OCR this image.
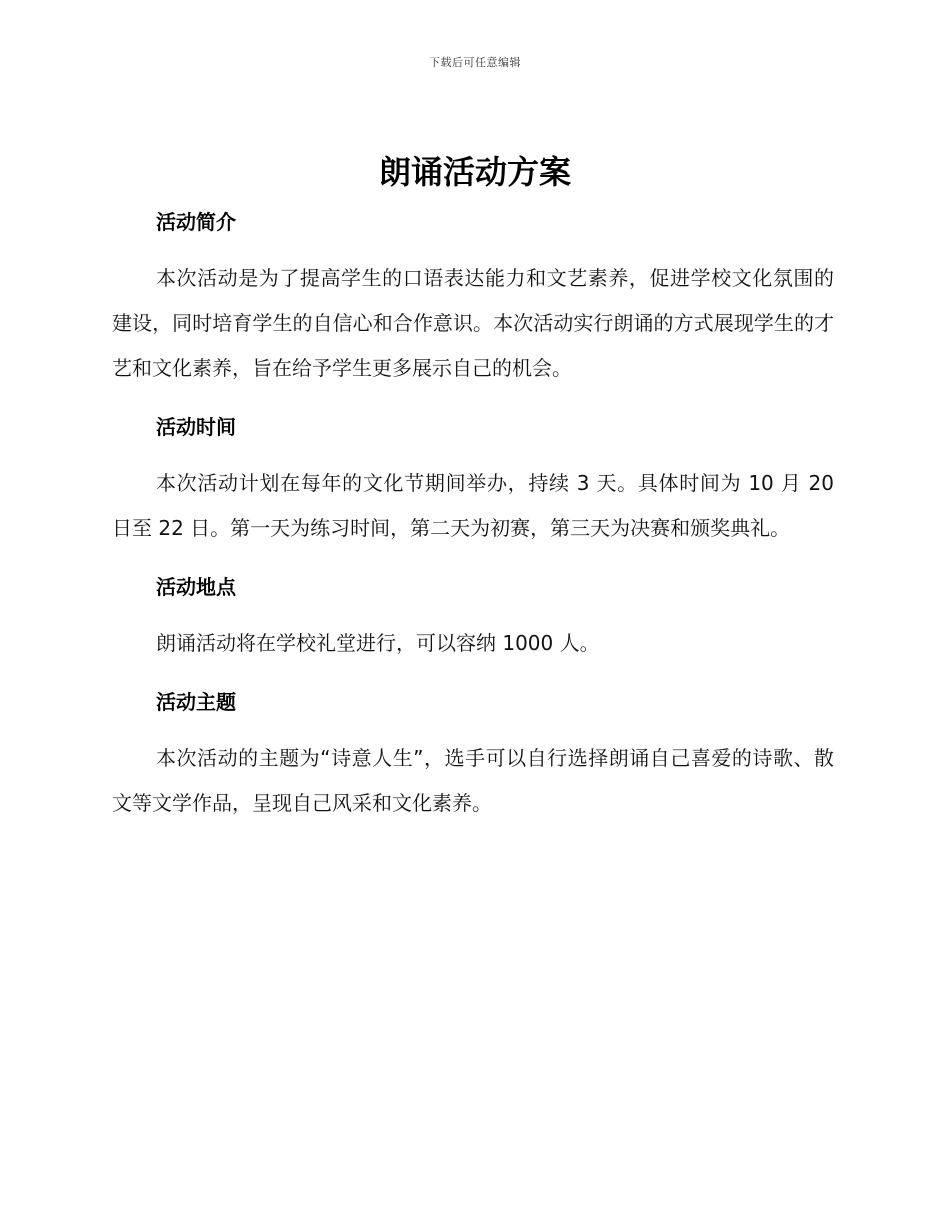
下载后可任意编辑
朗诵活动方案
活动简介

本次活动是为了提高学生的口语表达能力和文艺素养，促进学校文化氛围的建设，同时培育学生的自信心和合作意识。本次活动实行朗诵的方式展现学生的才艺和文化素养，旨在给予学生更多展示自己的机会。

活动时间

本次活动计划在每年的文化节期间举办，持续 3 天。具体时间为 10 月 20 日至 22 日。第一天为练习时间，第二天为初赛，第三天为决赛和颁奖典礼。

活动地点

朗诵活动将在学校礼堂进行，可以容纳 1000 人。

活动主题

本次活动的主题为“诗意人生”，选手可以自行选择朗诵自己喜爱的诗歌、散文等文学作品，呈现自己风采和文化素养。
